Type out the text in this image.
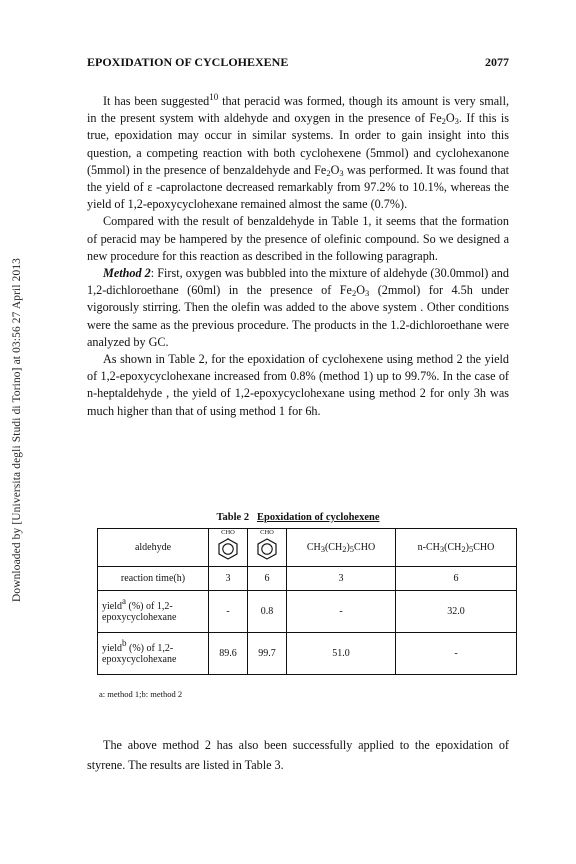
Downloaded by [Universita degli Studi di Torino] at 03:56 27 April 2013
EPOXIDATION OF CYCLOHEXENE	2077

It has been suggested$^{10}$ that peracid was formed, though its amount is very small, in the present system with aldehyde and oxygen in the presence of $Fe_2O_3$. If this is true, epoxidation may occur in similar systems. In order to gain insight into this question, a competing reaction with both cyclohexene (5mmol) and cyclohexanone (5mmol) in the presence of benzaldehyde and $Fe_2O_3$ was performed. It was found that the yield of ε -caprolactone decreased remarkably from 97.2% to 10.1%, whereas the yield of 1,2-epoxycyclohexane remained almost the same (0.7%).

Compared with the result of benzaldehyde in Table 1, it seems that the formation of peracid may be hampered by the presence of olefinic compound. So we designed a new procedure for this reaction as described in the following paragraph.

Method 2: First, oxygen was bubbled into the mixture of aldehyde (30.0mmol) and 1,2-dichloroethane (60ml) in the presence of $Fe_2O_3$ (2mmol) for 4.5h under vigorously stirring. Then the olefin was added to the above system . Other conditions were the same as the previous procedure. The products in the 1.2-dichloroethane were analyzed by GC.

As shown in Table 2, for the epoxidation of cyclohexene using method 2 the yield of 1,2-epoxycyclohexane increased from 0.8% (method 1) up to 99.7%. In the case of n-heptaldehyde , the yield of 1,2-epoxycyclohexane using method 2 for only 3h was much higher than that of using method 1 for 6h.

Table 2 Epoxidation of cyclohexene
aldehyde	CHO	CHO	$CH_3(CH_2)_5CHO$	$n-CH_3(CH_2)_5CHO$
reaction time(h)	3	6	3	6
yield$^a$ (%) of 1,2-epoxycyclohexane	-	0.8	-	32.0
yield$^b$ (%) of 1,2-epoxycyclohexane	89.6	99.7	51.0	-
a: method 1;b: method 2

The above method 2 has also been successfully applied to the epoxidation of styrene. The results are listed in Table 3.
